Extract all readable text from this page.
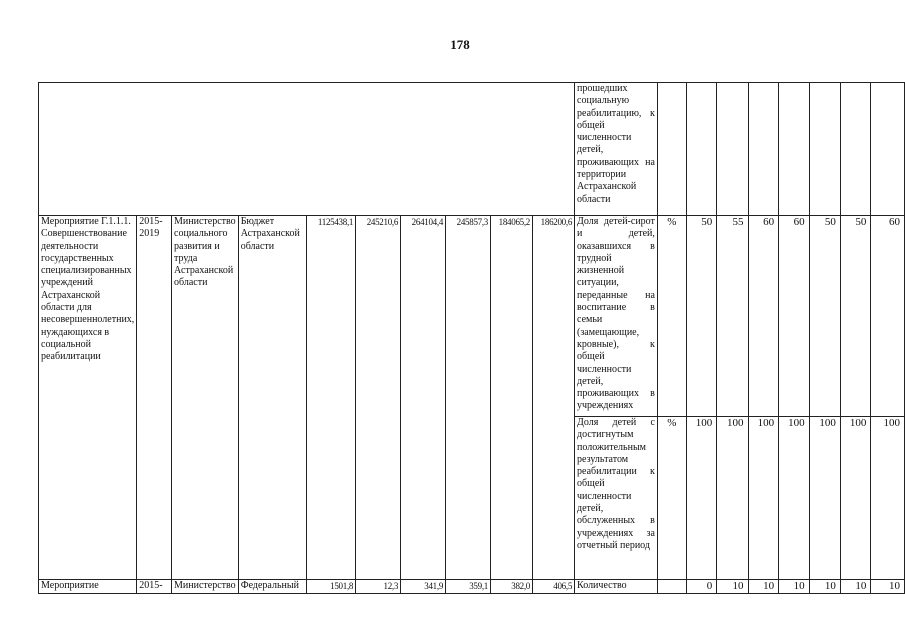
178
										прошедших социальную реабилитацию, к общей численности детей, проживающих на территории Астраханской области								
Мероприятие Г.1.1.1. Совершенствование деятельности государственных специализированных учреждений Астраханской области для несовершеннолетних, нуждающихся в социальной реабилитации	2015-2019	Министерство социального развития и труда Астраханской области	Бюджет Астраханской области	1125438,1	245210,6	264104,4	245857,3	184065,2	186200,6	Доля детей-сирот и детей, оказавшихся в трудной жизненной ситуации, переданные на воспитание в семьи (замещающие, кровные), к общей численности детей, проживающих в учреждениях	%	50	55	60	60	50	50	60
										Доля детей с достигнутым положительным результатом реабилитации к общей численности детей, обслуженных в учреждениях за отчетный период	%	100	100	100	100	100	100	100
Мероприятие	2015-	Министерство	Федеральный	1501,8	12,3	341,9	359,1	382,0	406,5	Количество		0	10	10	10	10	10	10
